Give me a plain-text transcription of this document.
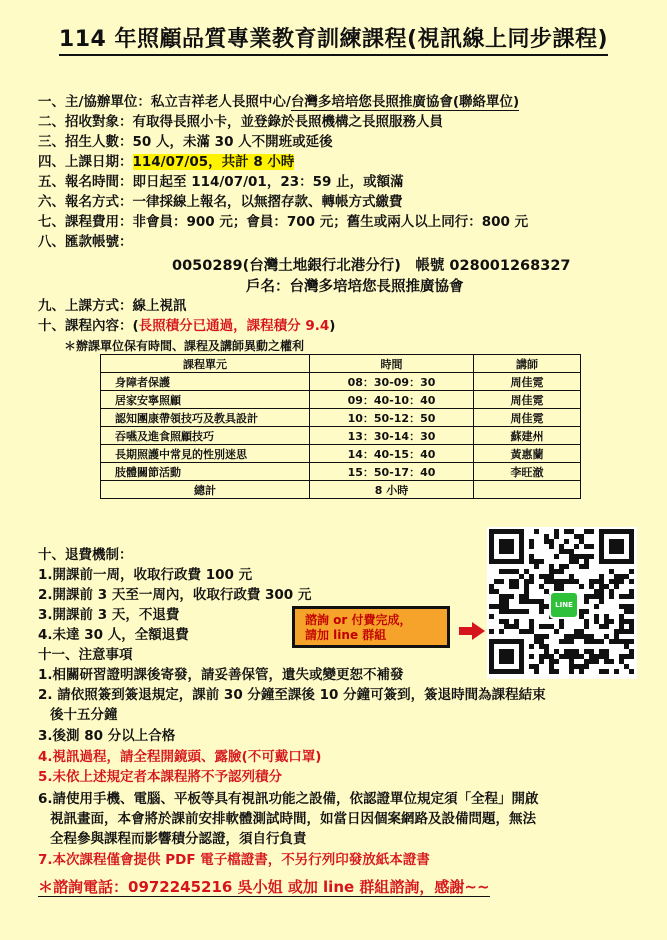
114 年照顧品質專業教育訓練課程(視訊線上同步課程)
一、主/協辦單位：私立吉祥老人長照中心/台灣多培培您長照推廣協會(聯絡單位)
二、招收對象：有取得長照小卡，並登錄於長照機構之長照服務人員
三、招生人數：50 人，未滿 30 人不開班或延後
四、上課日期：114/07/05，共計 8 小時
五、報名時間：即日起至 114/07/01，23：59 止，或額滿
六、報名方式：一律採線上報名，以無摺存款、轉帳方式繳費
七、課程費用：非會員：900 元；會員：700 元；舊生或兩人以上同行：800 元
八、匯款帳號：
0050289(台灣土地銀行北港分行)　帳號 028001268327
戶名：台灣多培培您長照推廣協會
九、上課方式：線上視訊
十、課程內容：(長照積分已通過，課程積分 9.4)
＊辦課單位保有時間、課程及講師異動之權利
課程單元	時間	講師
身障者保護	08：30-09：30	周佳霓
居家安寧照顧	09：40-10：40	周佳霓
認知團康帶領技巧及教具設計	10：50-12：50	周佳霓
吞嚥及進食照顧技巧	13：30-14：30	蘇建州
長期照護中常見的性別迷思	14：40-15：40	黃惠蘭
肢體關節活動	15：50-17：40	李旺澈
總計	8 小時	
十、退費機制：
1.開課前一周，收取行政費 100 元
2.開課前 3 天至一周內，收取行政費 300 元
3.開課前 3 天，不退費
4.未達 30 人，全額退費
諮詢 or 付費完成，
請加 line 群組
LINE
十一、注意事項
1.相關研習證明課後寄發，請妥善保管，遺失或變更恕不補發
2. 請依照簽到簽退規定，課前 30 分鐘至課後 10 分鐘可簽到，簽退時間為課程結束
後十五分鐘
3.後測 80 分以上合格
4.視訊過程，請全程開鏡頭、露臉(不可戴口罩)
5.未依上述規定者本課程將不予認列積分
6.請使用手機、電腦、平板等具有視訊功能之設備，依認證單位規定須「全程」開啟
視訊畫面，本會將於課前安排軟體測試時間，如當日因個案網路及設備問題，無法
全程參與課程而影響積分認證，須自行負責
7.本次課程僅會提供 PDF 電子檔證書，不另行列印發放紙本證書
＊諮詢電話：0972245216 吳小姐 或加 line 群組諮詢，感謝~~
